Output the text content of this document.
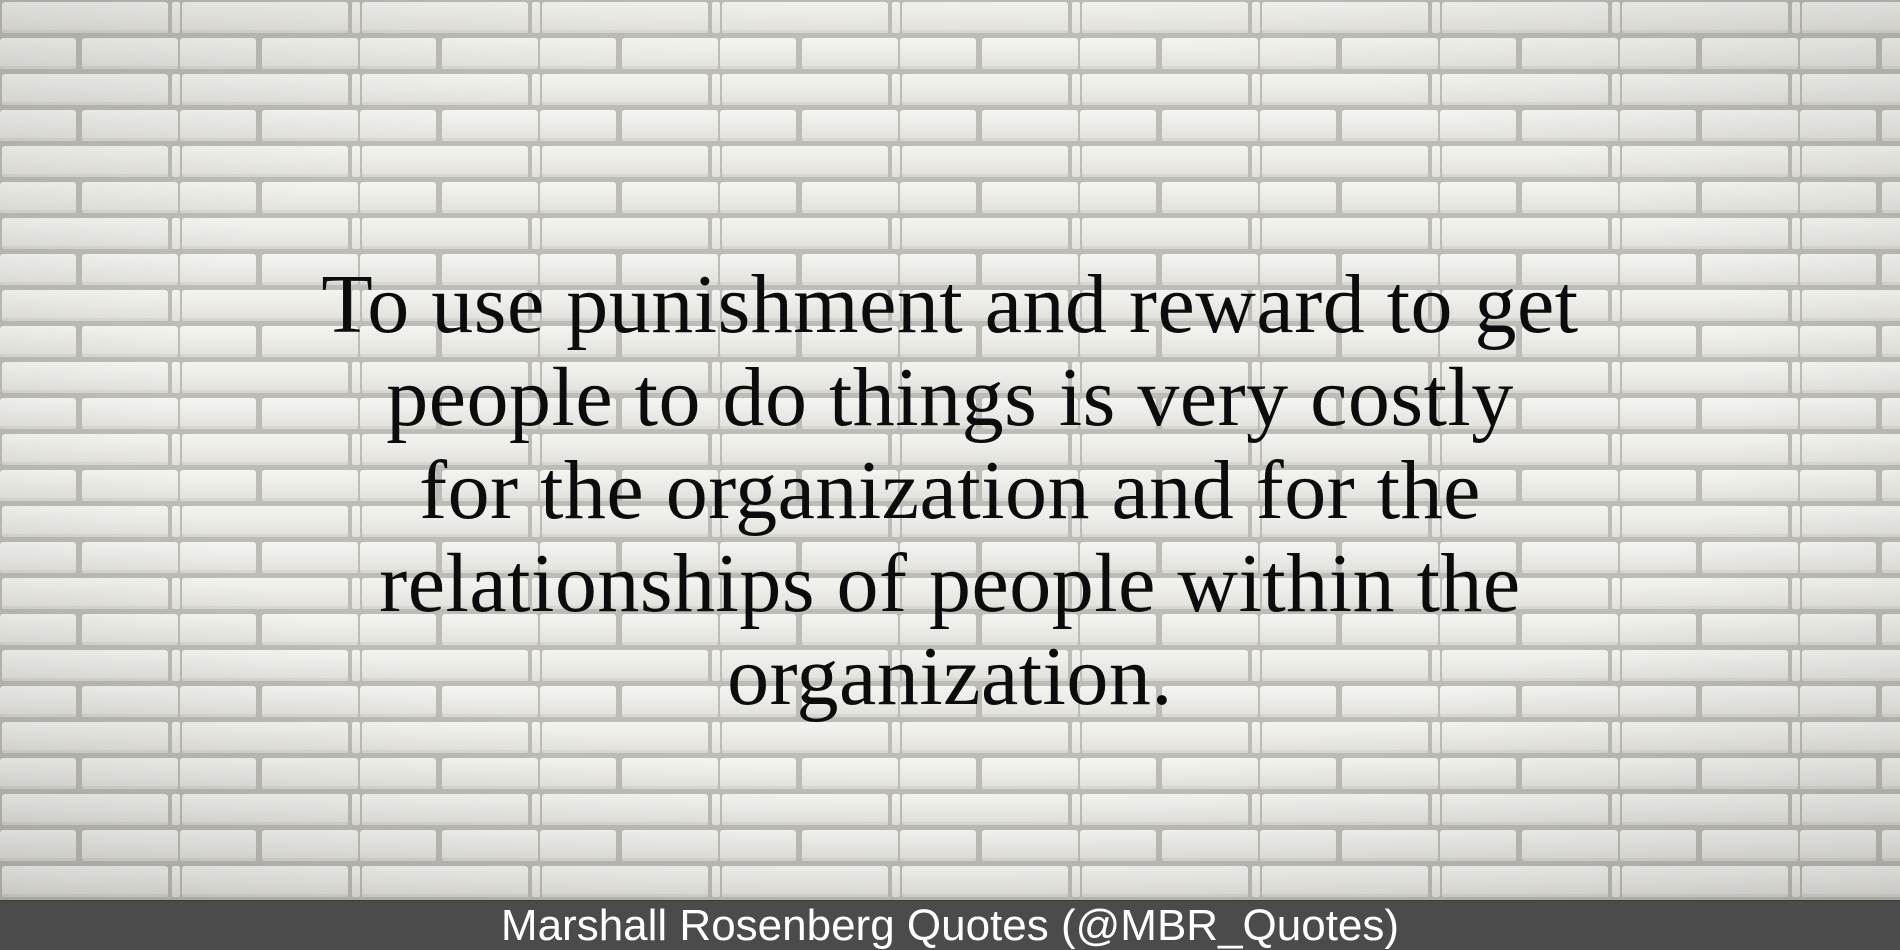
To use punishment and reward to get
people to do things is very costly
for the organization and for the
relationships of people within the
organization.
Marshall Rosenberg Quotes (@MBR_Quotes)
